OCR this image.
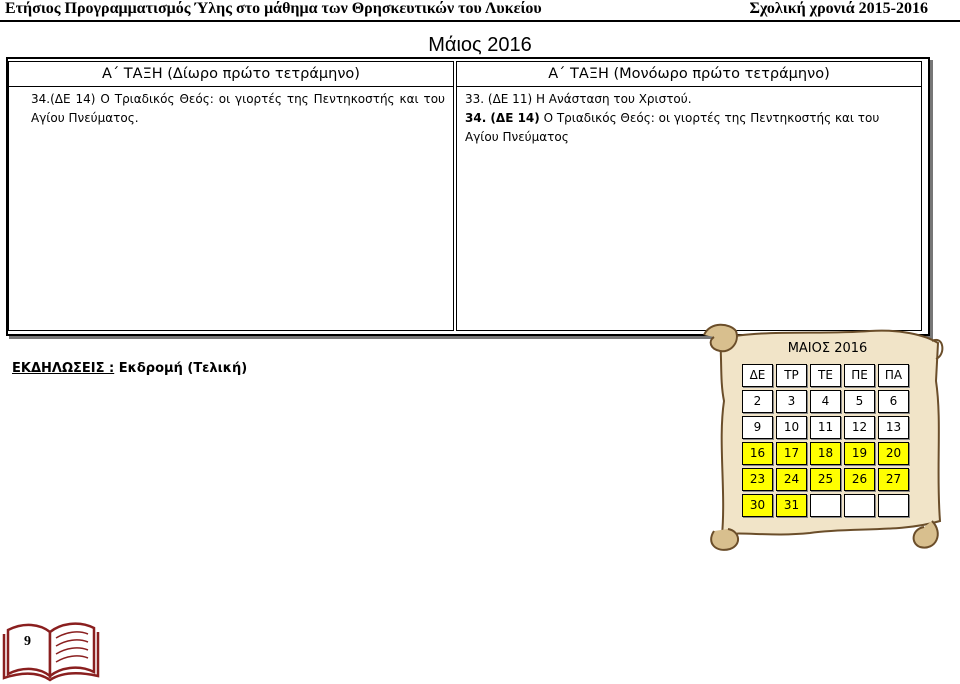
Ετήσιος Προγραμματισμός Ύλης στο μάθημα των Θρησκευτικών του Λυκείου	Σχολική χρονιά 2015-2016
Μάιος 2016
Α΄ ΤΑΞΗ (Δίωρο πρώτο τετράμηνο)
34.(ΔΕ 14) Ο Τριαδικός Θεός: οι γιορτές της Πεντηκοστής και του Αγίου Πνεύματος.
Α΄ ΤΑΞΗ (Μονόωρο πρώτο τετράμηνο)
33. (ΔΕ 11) Η Ανάσταση του Χριστού.
34. (ΔΕ 14) Ο Τριαδικός Θεός: οι γιορτές της Πεντηκοστής και του Αγίου Πνεύματος
ΕΚΔΗΛΩΣΕΙΣ : Εκδρομή (Τελική)
ΜΑΙΟΣ 2016
ΔΕ	ΤΡ	ΤΕ	ΠΕ	ΠΑ
2	3	4	5	6
9	10	11	12	13
16	17	18	19	20
23	24	25	26	27
30	31
9
